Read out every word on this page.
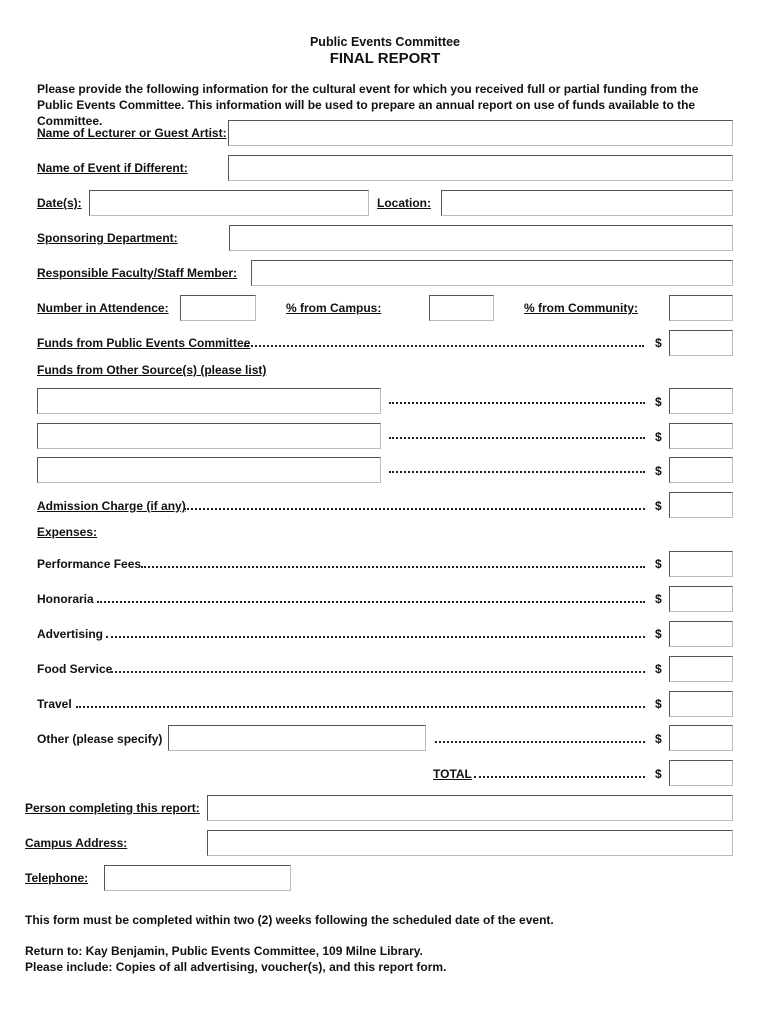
Public Events Committee
FINAL REPORT
Please provide the following information for the cultural event for which you received full or partial funding from the Public Events Committee. This information will be used to prepare an annual report on use of funds available to the Committee.
Name of Lecturer or Guest Artist:
Name of Event if Different:
Date(s):	Location:
Sponsoring Department:
Responsible Faculty/Staff Member:
Number in Attendence:	% from Campus:	% from Community:
Funds from Public Events Committee	$
Funds from Other Source(s) (please list)
$
$
$
Admission Charge (if any)	$
Expenses:
Performance Fees	$
Honoraria	$
Advertising	$
Food Service	$
Travel	$
Other (please specify)	$
TOTAL	$
Person completing this report:
Campus Address:
Telephone:
This form must be completed within two (2) weeks following the scheduled date of the event.
Return to: Kay Benjamin, Public Events Committee, 109 Milne Library.
Please include: Copies of all advertising, voucher(s), and this report form.
